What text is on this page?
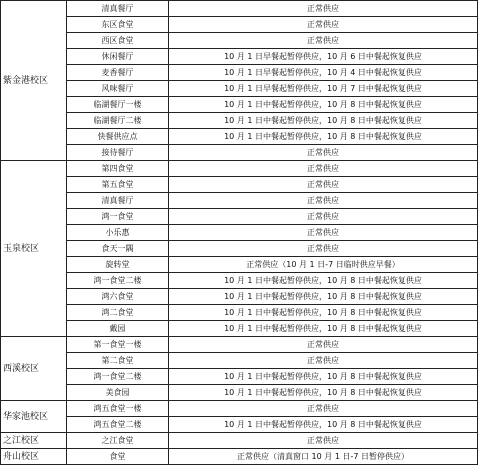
紫金港校区	清真餐厅	正常供应
	东区食堂	正常供应
	西区食堂	正常供应
	休闲餐厅	10 月 1 日早餐起暂停供应，10 月 6 日中餐起恢复供应
	麦香餐厅	10 月 1 日早餐起暂停供应，10 月 4 日中餐起恢复供应
	风味餐厅	10 月 1 日早餐起暂停供应，10 月 7 日中餐起恢复供应
	临湖餐厅一楼	10 月 1 日中餐起暂停供应，10 月 8 日中餐起恢复供应
	临湖餐厅二楼	10 月 1 日中餐起暂停供应，10 月 8 日中餐起恢复供应
	快餐供应点	10 月 1 日中餐起暂停供应，10 月 8 日中餐起恢复供应
	接待餐厅	正常供应
玉泉校区	第四食堂	正常供应
	第五食堂	正常供应
	清真餐厅	正常供应
	鸿一食堂	正常供应
	小乐惠	正常供应
	食天一隅	正常供应
	旋转堂	正常供应（10 月 1 日-7 日临时供应早餐）
	鸿一食堂二楼	10 月 1 日中餐起暂停供应，10 月 8 日中餐起恢复供应
	鸿六食堂	10 月 1 日中餐起暂停供应，10 月 8 日中餐起恢复供应
	鸿二食堂	10 月 1 日中餐起暂停供应，10 月 8 日中餐起恢复供应
	戴园	10 月 1 日中餐起暂停供应，10 月 8 日中餐起恢复供应
西溪校区	第一食堂一楼	正常供应
	第二食堂	正常供应
	鸿一食堂二楼	10 月 1 日中餐起暂停供应，10 月 8 日中餐起恢复供应
	美食园	10 月 1 日中餐起暂停供应，10 月 8 日中餐起恢复供应
华家池校区	鸿五食堂一楼	正常供应
	鸿五食堂二楼	10 月 1 日中餐起暂停供应，10 月 8 日中餐起恢复供应
之江校区	之江食堂	正常供应
舟山校区	食堂	正常供应（清真窗口 10 月 1 日-7 日暂停供应）
